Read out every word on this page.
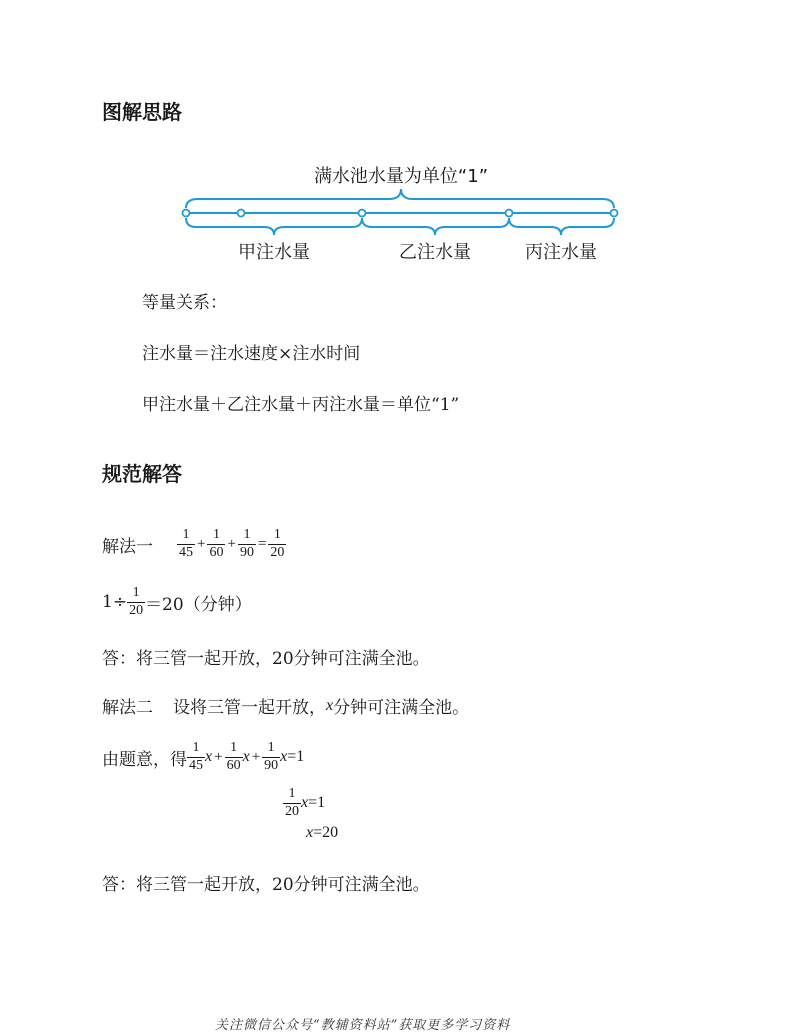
图解思路
满水池水量为单位“1”
甲注水量	乙注水量	丙注水量
等量关系：
注水量＝注水速度×注水时间
甲注水量＋乙注水量＋丙注水量＝单位“1”
规范解答
解法一 $\frac{1}{45} + \frac{1}{60} + \frac{1}{90} = \frac{1}{20}$
$1\div \frac{1}{20} =20$（分钟）
答：将三管一起开放，20分钟可注满全池。
解法二 设将三管一起开放， x 分钟可注满全池。
由题意，得 $\frac{1}{45}$ $x + \frac{1}{60}$ $x + \frac{1}{90}$ x =1
$\frac{1}{20}$ x =1
x =20
答：将三管一起开放，20分钟可注满全池。
关注微信公众号“教辅资料站”获取更多学习资料
